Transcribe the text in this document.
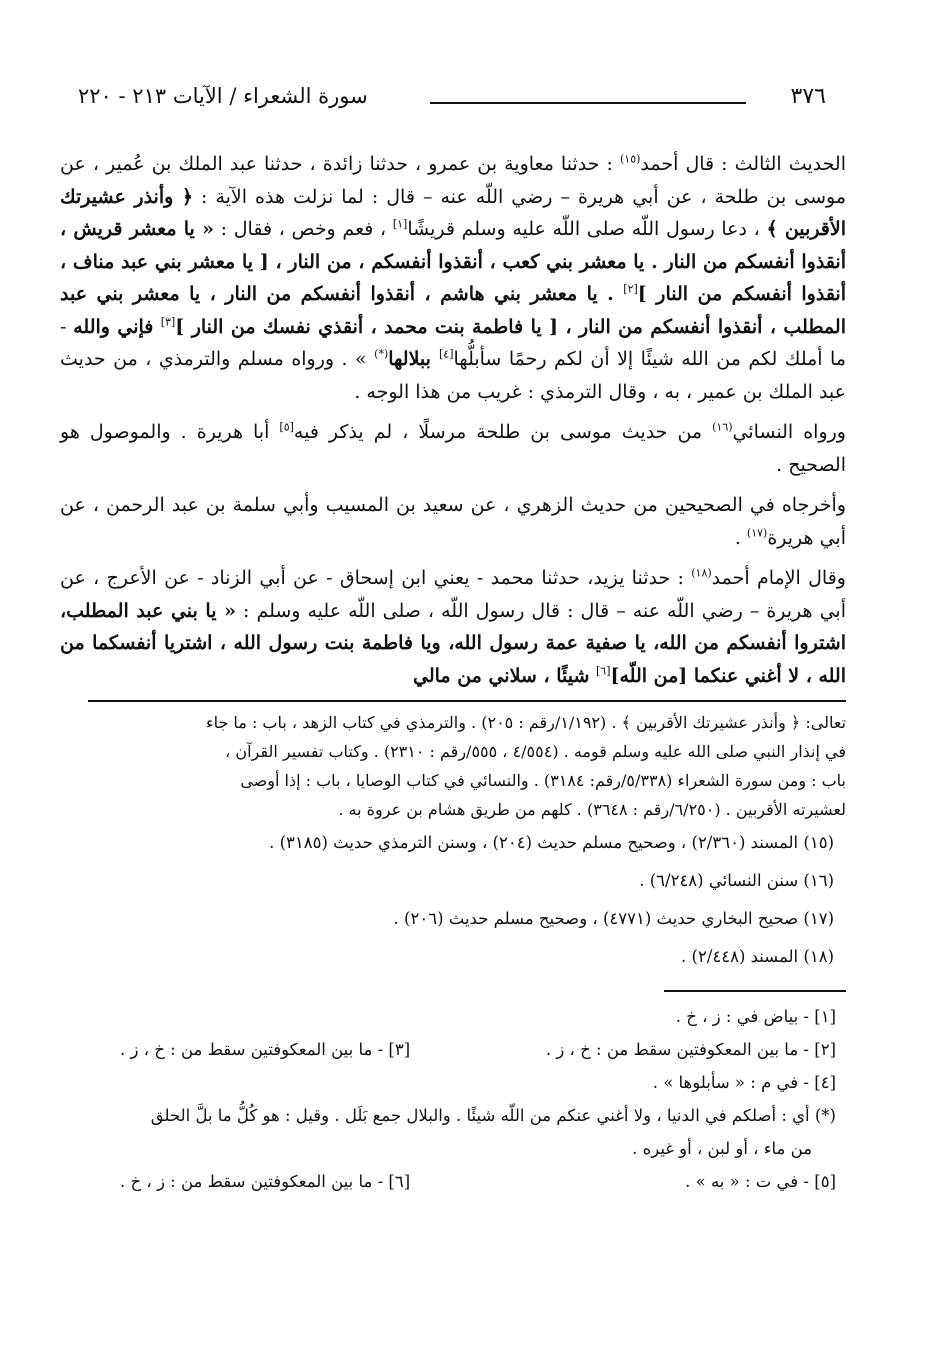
٣٧٦
سورة الشعراء / الآيات ٢١٣ - ٢٢٠

الحديث الثالث : قال أحمد$^{(١٥)}$ : حدثنا معاوية بن عمرو ، حدثنا زائدة ، حدثنا عبد الملك بن عُمير ، عن موسى بن طلحة ، عن أبي هريرة – رضي اللّه عنه – قال : لما نزلت هذه الآية : ﴿ وأنذر عشيرتك الأقربين ﴾ ، دعا رسول اللّه صلى اللّه عليه وسلم قريشًا[١] ، فعم وخص ، فقال : « يا معشر قريش ، أنقذوا أنفسكم من النار . يا معشر بني كعب ، أنقذوا أنفسكم ، من النار ، [ يا معشر بني عبد مناف ، أنقذوا أنفسكم من النار ][٢] . يا معشر بني هاشم ، أنقذوا أنفسكم من النار ، يا معشر بني عبد المطلب ، أنقذوا أنفسكم من النار ، [ يا فاطمة بنت محمد ، أنقذي نفسك من النار ][٣] فإني والله - ما أملك لكم من الله شيئًا إلا أن لكم رحمًا سأبلُّها[٤] ببلالها(*) » . ورواه مسلم والترمذي ، من حديث عبد الملك بن عمير ، به ، وقال الترمذي : غريب من هذا الوجه .

ورواه النسائي$^{(١٦)}$ من حديث موسى بن طلحة مرسلًا ، لم يذكر فيه[٥] أبا هريرة . والموصول هو الصحيح .

وأخرجاه في الصحيحين من حديث الزهري ، عن سعيد بن المسيب وأبي سلمة بن عبد الرحمن ، عن أبي هريرة$^{(١٧)}$ .

وقال الإمام أحمد$^{(١٨)}$ : حدثنا يزيد، حدثنا محمد - يعني ابن إسحاق - عن أبي الزناد - عن الأعرج ، عن أبي هريرة – رضي اللّه عنه – قال : قال رسول اللّه ، صلى اللّه عليه وسلم : « يا بني عبد المطلب، اشتروا أنفسكم من الله، يا صفية عمة رسول الله، ويا فاطمة بنت رسول الله ، اشتريا أنفسكما من الله ، لا أغني عنكما [من اللّه][٦] شيئًا ، سلاني من مالي

تعالى: ﴿ وأنذر عشيرتك الأقربين ﴾ . (١/١٩٢/رقم : ٢٠٥) . والترمذي في كتاب الزهد ، باب : ما جاء
في إنذار النبي صلى الله عليه وسلم قومه . (٤/٥٥٤ ، ٥٥٥/رقم : ٢٣١٠) . وكتاب تفسير القرآن ،
باب : ومن سورة الشعراء (٥/٣٣٨/رقم: ٣١٨٤) . والنسائي في كتاب الوصايا ، باب : إذا أوصى
لعشيرته الأقربين . (٦/٢٥٠/رقم : ٣٦٤٨) . كلهم من طريق هشام بن عروة به .
(١٥) المسند (٢/٣٦٠) ، وصحيح مسلم حديث (٢٠٤) ، وسنن الترمذي حديث (٣١٨٥) .
(١٦) سنن النسائي (٦/٢٤٨) .
(١٧) صحيح البخاري حديث (٤٧٧١) ، وصحيح مسلم حديث (٢٠٦) .
(١٨) المسند (٢/٤٤٨) .
[١] - بياض في : ز ، خ .
[٢] - ما بين المعكوفتين سقط من : خ ، ز .
[٣] - ما بين المعكوفتين سقط من : خ ، ز .
[٤] - في م : « سأبلوها » .
(*) أي : أصلكم في الدنيا ، ولا أغني عنكم من اللّه شيئًا . والبلال جمع بَلَل . وقيل : هو كُلُّ ما بلَّ الحلق
من ماء ، أو لبن ، أو غيره .
[٥] - في ت : « به » .
[٦] - ما بين المعكوفتين سقط من : ز ، خ .
